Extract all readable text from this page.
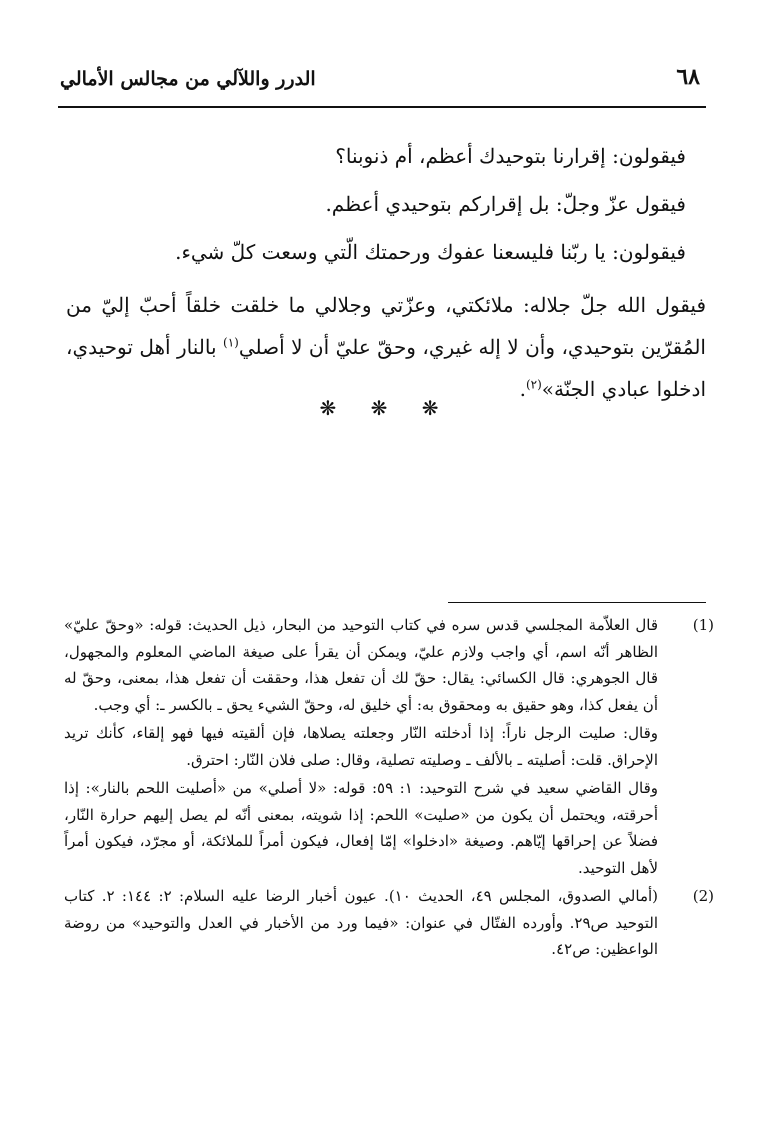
الدرر واللآلي من مجالس الأمالي	٦٨

فيقولون: إقرارنا بتوحيدك أعظم، أم ذنوبنا؟

فيقول عزّ وجلّ: بل إقراركم بتوحيدي أعظم.

فيقولون: يا ربّنا فليسعنا عفوك ورحمتك الّتي وسعت كلّ شيء.

فيقول الله جلّ جلاله: ملائكتي، وعزّتي وجلالي ما خلقت خلقاً أحبّ إليّ من المُقرّين بتوحيدي، وأن لا إله غيري، وحقّ عليّ أن لا أصلي$^{(١)}$ بالنار أهل توحيدي، ادخلوا عبادي الجنّة»$^{(٢)}$.

❋ ❋ ❋
(1)

قال العلاّمة المجلسي قدس سره في كتاب التوحيد من البحار، ذيل الحديث: قوله: «وحقّ عليّ» الظاهر أنّه اسم، أي واجب ولازم عليّ، ويمكن أن يقرأ على صيغة الماضي المعلوم والمجهول، قال الجوهري: قال الكسائي: يقال: حقّ لك أن تفعل هذا، وحققت أن تفعل هذا، بمعنى، وحقّ له أن يفعل كذا، وهو حقيق به ومحقوق به: أي خليق له، وحقّ الشيء يحق ـ بالكسر ـ: أي وجب.

وقال: صليت الرجل ناراً: إذا أدخلته النّار وجعلته يصلاها، فإن ألقيته فيها فهو إلقاء، كأنك تريد الإحراق. قلت: أصليته ـ بالألف ـ وصليته تصلية، وقال: صلى فلان النّار: احترق.

وقال القاضي سعيد في شرح التوحيد: ١: ٥٩: قوله: «لا أصلي» من «أصليت اللحم بالنار»: إذا أحرقته، ويحتمل أن يكون من «صليت» اللحم: إذا شويته، بمعنى أنّه لم يصل إليهم حرارة النّار، فضلاً عن إحراقها إيّاهم. وصيغة «ادخلوا» إمّا إفعال، فيكون أمراً للملائكة، أو مجرّد، فيكون أمراً لأهل التوحيد.

(2)

(أمالي الصدوق، المجلس ٤٩، الحديث ١٠). عيون أخبار الرضا عليه السلام: ٢: ١٤٤: ٢. كتاب التوحيد ص٢٩. وأورده الفتّال في عنوان: «فيما ورد من الأخبار في العدل والتوحيد» من روضة الواعظين: ص٤٢.
